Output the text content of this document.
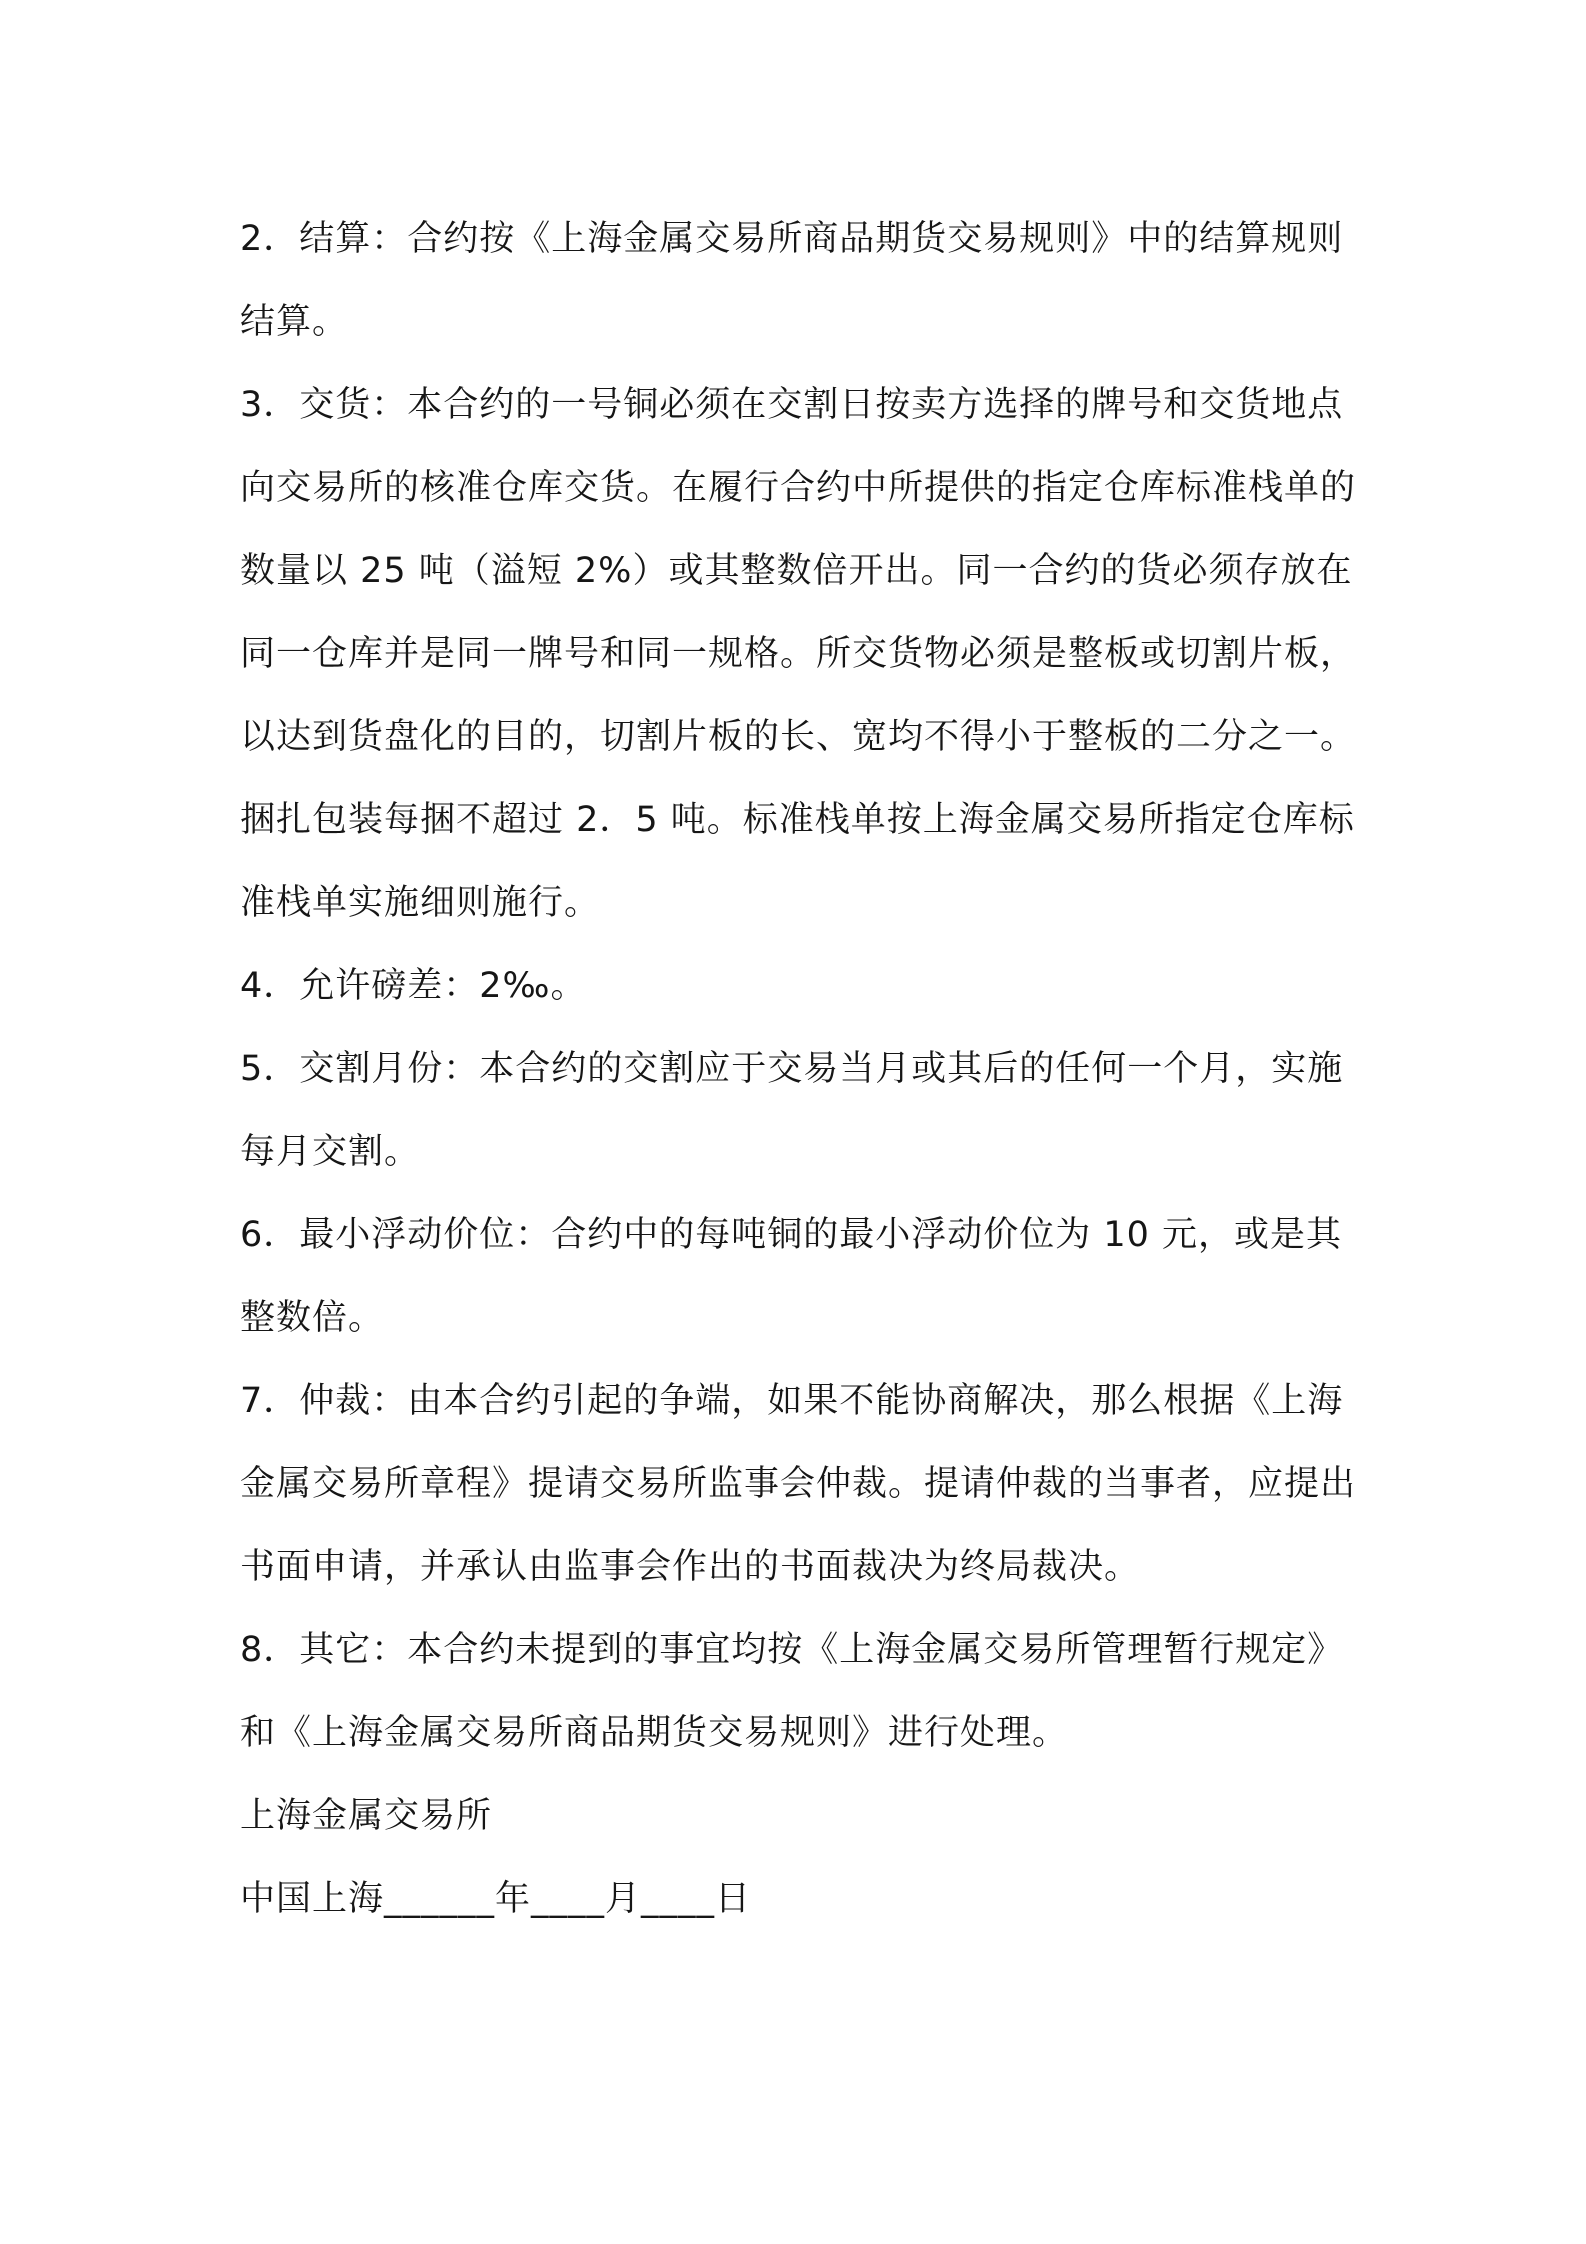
2．结算：合约按《上海金属交易所商品期货交易规则》中的结算规则结算。

3．交货：本合约的一号铜必须在交割日按卖方选择的牌号和交货地点向交易所的核准仓库交货。在履行合约中所提供的指定仓库标准栈单的数量以 25 吨（溢短 2%）或其整数倍开出。同一合约的货必须存放在同一仓库并是同一牌号和同一规格。所交货物必须是整板或切割片板，以达到货盘化的目的，切割片板的长、宽均不得小于整板的二分之一。捆扎包装每捆不超过 2．5 吨。标准栈单按上海金属交易所指定仓库标准栈单实施细则施行。

4．允许磅差：2‰。

5．交割月份：本合约的交割应于交易当月或其后的任何一个月，实施每月交割。

6．最小浮动价位：合约中的每吨铜的最小浮动价位为 10 元，或是其整数倍。

7．仲裁：由本合约引起的争端，如果不能协商解决，那么根据《上海金属交易所章程》提请交易所监事会仲裁。提请仲裁的当事者，应提出书面申请，并承认由监事会作出的书面裁决为终局裁决。

8．其它：本合约未提到的事宜均按《上海金属交易所管理暂行规定》和《上海金属交易所商品期货交易规则》进行处理。

上海金属交易所

中国上海______年____月____日
